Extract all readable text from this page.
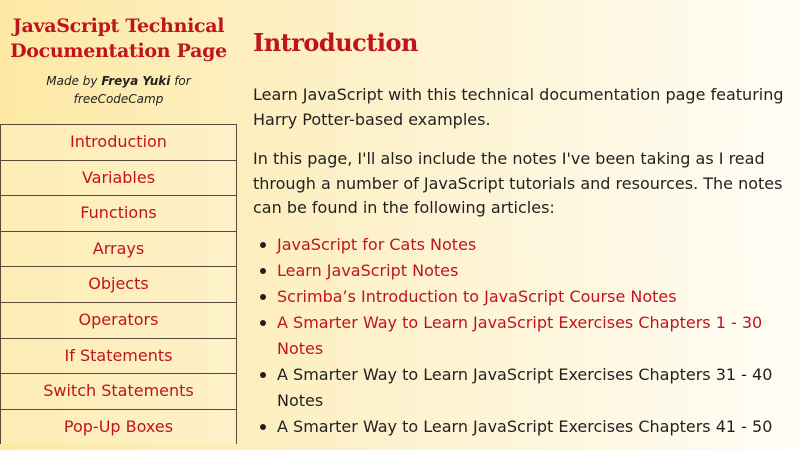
JavaScript Technical Documentation Page

Made by Freya Yuki for freeCodeCamp

Introduction
Variables
Functions
Arrays
Objects
Operators
If Statements
Switch Statements
Pop-Up Boxes
Introduction

Learn JavaScript with this technical documentation page featuring Harry Potter-based examples.

In this page, I'll also include the notes I've been taking as I read through a number of JavaScript tutorials and resources. The notes can be found in the following articles:

JavaScript for Cats Notes
Learn JavaScript Notes
Scrimba’s Introduction to JavaScript Course Notes
A Smarter Way to Learn JavaScript Exercises Chapters 1 - 30 Notes
A Smarter Way to Learn JavaScript Exercises Chapters 31 - 40 Notes
A Smarter Way to Learn JavaScript Exercises Chapters 41 - 50
